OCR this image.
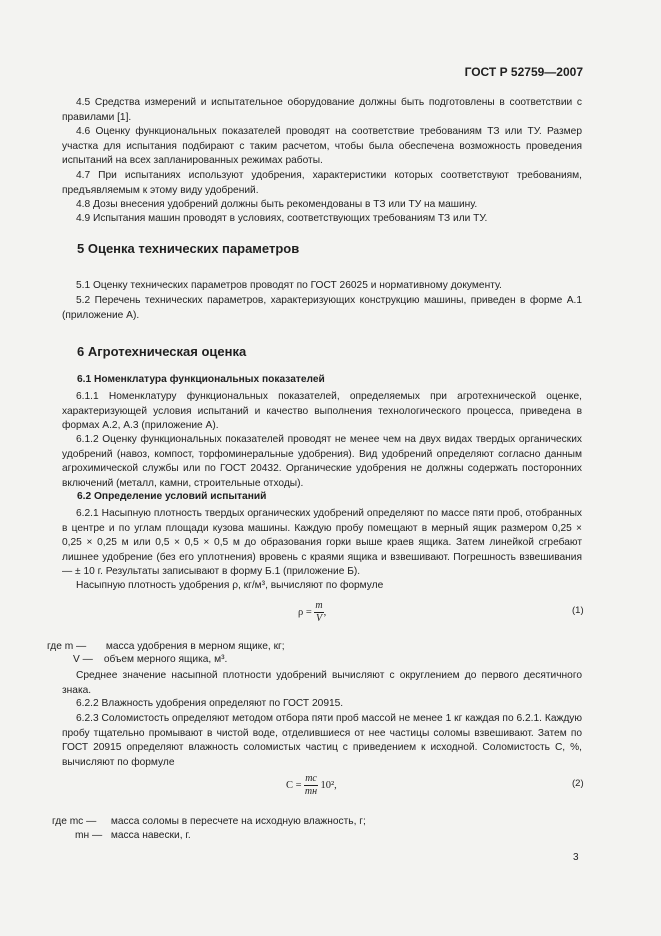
ГОСТ Р 52759—2007
4.5 Средства измерений и испытательное оборудование должны быть подготовлены в соответствии с правилами [1].
4.6 Оценку функциональных показателей проводят на соответствие требованиям ТЗ или ТУ. Размер участка для испытания подбирают с таким расчетом, чтобы была обеспечена возможность проведения испытаний на всех запланированных режимах работы.
4.7 При испытаниях используют удобрения, характеристики которых соответствуют требованиям, предъявляемым к этому виду удобрений.
4.8 Дозы внесения удобрений должны быть рекомендованы в ТЗ или ТУ на машину.
4.9 Испытания машин проводят в условиях, соответствующих требованиям ТЗ или ТУ.
5 Оценка технических параметров
5.1 Оценку технических параметров проводят по ГОСТ 26025 и нормативному документу.
5.2 Перечень технических параметров, характеризующих конструкцию машины, приведен в форме А.1 (приложение А).
6 Агротехническая оценка
6.1 Номенклатура функциональных показателей
6.1.1 Номенклатуру функциональных показателей, определяемых при агротехнической оценке, характеризующей условия испытаний и качество выполнения технологического процесса, приведена в формах А.2, А.3 (приложение А).
6.1.2 Оценку функциональных показателей проводят не менее чем на двух видах твердых органических удобрений (навоз, компост, торфоминеральные удобрения). Вид удобрений определяют согласно данным агрохимической службы или по ГОСТ 20432. Органические удобрения не должны содержать посторонних включений (металл, камни, строительные отходы).
6.2 Определение условий испытаний
6.2.1 Насыпную плотность твердых органических удобрений определяют по массе пяти проб, отобранных в центре и по углам площади кузова машины. Каждую пробу помещают в мерный ящик размером 0,25 × 0,25 × 0,25 м или 0,5 × 0,5 × 0,5 м до образования горки выше краев ящика. Затем линейкой сгребают лишнее удобрение (без его уплотнения) вровень с краями ящика и взвешивают. Погрешность взвешивания — ± 10 г. Результаты записывают в форму Б.1 (приложение Б).
Насыпную плотность удобрения ρ, кг/м³, вычисляют по формуле
$\rho = \frac{m}{V}$ ,	(1)
где m — масса удобрения в мерном ящике, кг;
V — объем мерного ящика, м³.
Среднее значение насыпной плотности удобрений вычисляют с округлением до первого десятичного знака.
6.2.2 Влажность удобрения определяют по ГОСТ 20915.
6.2.3 Соломистость определяют методом отбора пяти проб массой не менее 1 кг каждая по 6.2.1. Каждую пробу тщательно промывают в чистой воде, отделившиеся от нее частицы соломы взвешивают. Затем по ГОСТ 20915 определяют влажность соломистых частиц с приведением к исходной. Соломистость C, %, вычисляют по формуле
$C = \frac{mс}{mн} 10^2$,	(2)
где mс — масса соломы в пересчете на исходную влажность, г;
mн — масса навески, г.
3
